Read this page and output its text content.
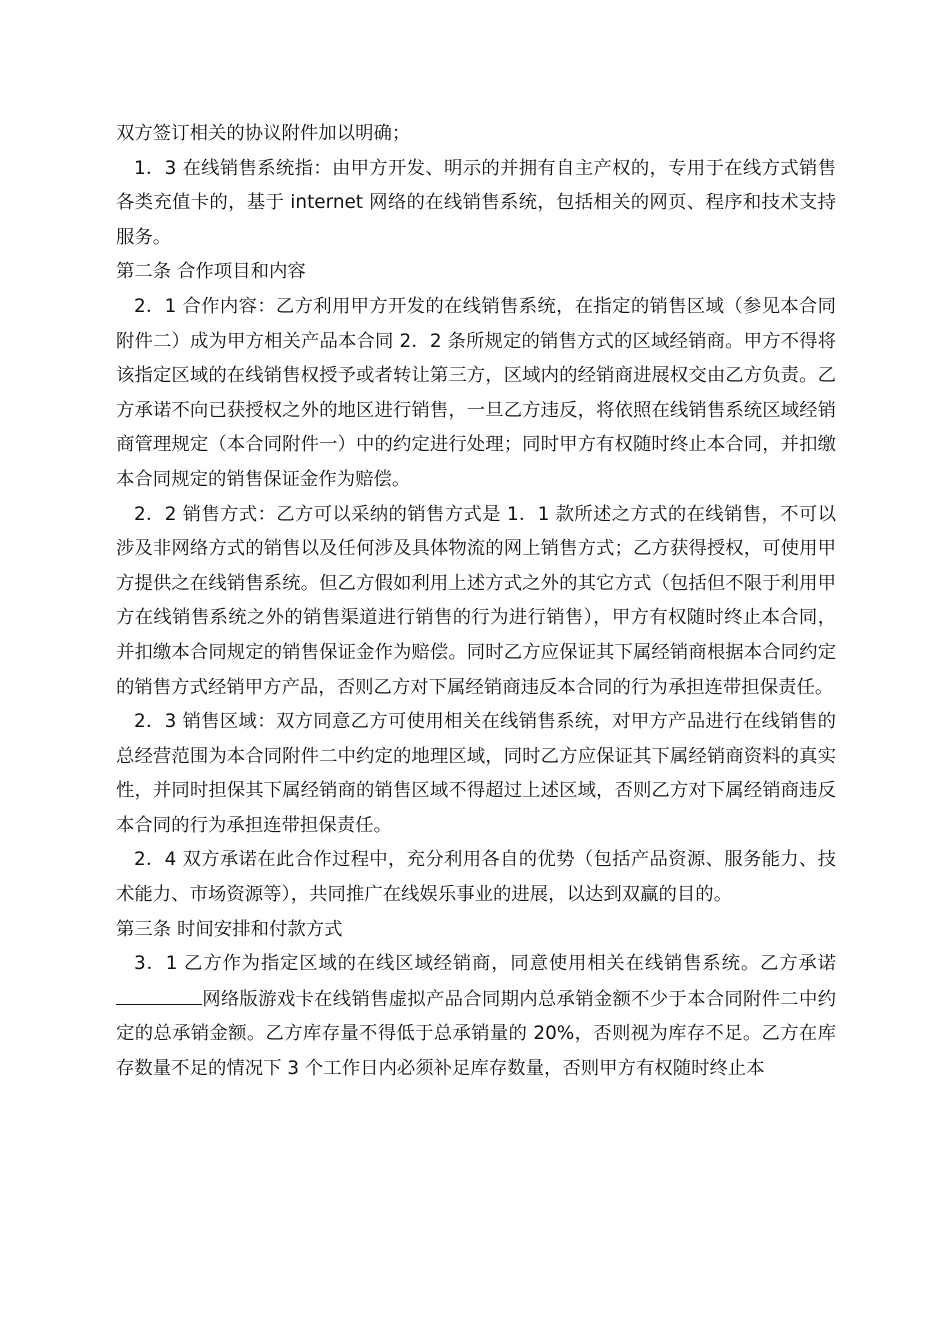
双方签订相关的协议附件加以明确；

1．3 在线销售系统指：由甲方开发、明示的并拥有自主产权的，专用于在线方式销售各类充值卡的，基于 internet 网络的在线销售系统，包括相关的网页、程序和技术支持服务。

第二条 合作项目和内容

2．1 合作内容：乙方利用甲方开发的在线销售系统，在指定的销售区域（参见本合同附件二）成为甲方相关产品本合同 2．2 条所规定的销售方式的区域经销商。甲方不得将该指定区域的在线销售权授予或者转让第三方，区域内的经销商进展权交由乙方负责。乙方承诺不向已获授权之外的地区进行销售，一旦乙方违反，将依照在线销售系统区域经销商管理规定（本合同附件一）中的约定进行处理；同时甲方有权随时终止本合同，并扣缴本合同规定的销售保证金作为赔偿。

2．2 销售方式：乙方可以采纳的销售方式是 1．1 款所述之方式的在线销售，不可以涉及非网络方式的销售以及任何涉及具体物流的网上销售方式；乙方获得授权，可使用甲方提供之在线销售系统。但乙方假如利用上述方式之外的其它方式（包括但不限于利用甲方在线销售系统之外的销售渠道进行销售的行为进行销售），甲方有权随时终止本合同，并扣缴本合同规定的销售保证金作为赔偿。同时乙方应保证其下属经销商根据本合同约定的销售方式经销甲方产品，否则乙方对下属经销商违反本合同的行为承担连带担保责任。

2．3 销售区域：双方同意乙方可使用相关在线销售系统，对甲方产品进行在线销售的总经营范围为本合同附件二中约定的地理区域，同时乙方应保证其下属经销商资料的真实性，并同时担保其下属经销商的销售区域不得超过上述区域，否则乙方对下属经销商违反本合同的行为承担连带担保责任。

2．4 双方承诺在此合作过程中，充分利用各自的优势（包括产品资源、服务能力、技术能力、市场资源等），共同推广在线娱乐事业的进展，以达到双赢的目的。

第三条 时间安排和付款方式

3．1 乙方作为指定区域的在线区域经销商，同意使用相关在线销售系统。乙方承诺网络版游戏卡在线销售虚拟产品合同期内总承销金额不少于本合同附件二中约定的总承销金额。乙方库存量不得低于总承销量的 20%，否则视为库存不足。乙方在库存数量不足的情况下 3 个工作日内必须补足库存数量，否则甲方有权随时终止本
